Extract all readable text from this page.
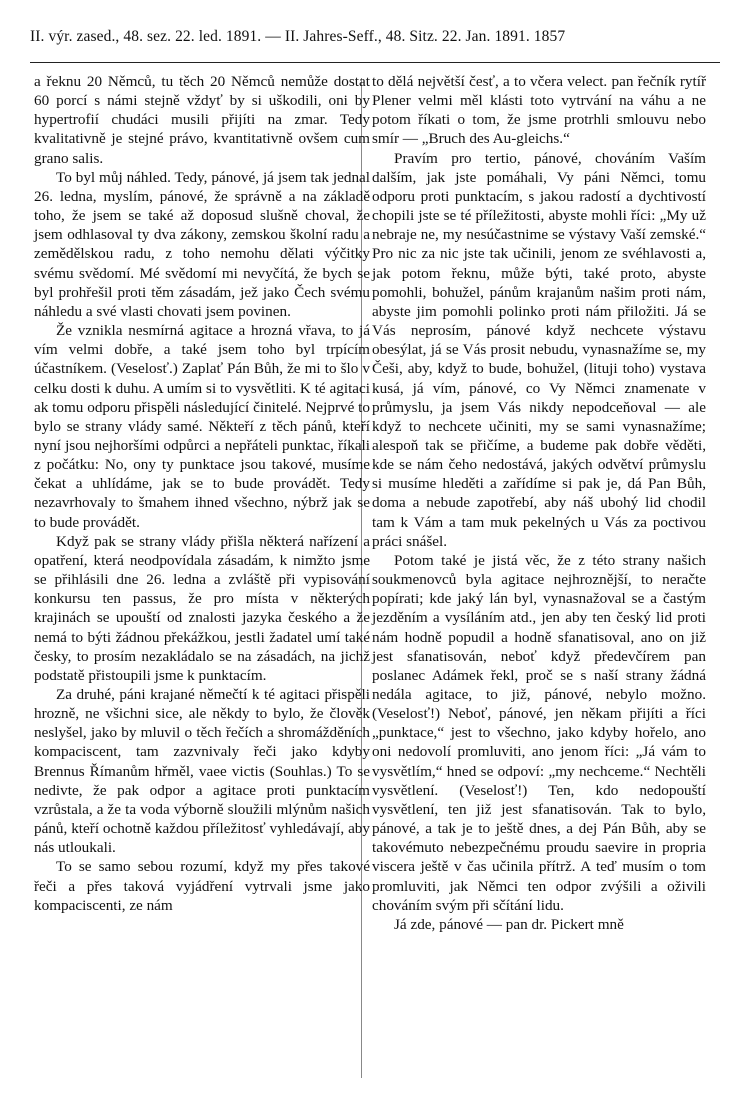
II. výr. zased., 48. sez. 22. led. 1891. — II. Jahres-Seff., 48. Sitz. 22. Jan. 1891. 1857

a řeknu 20 Němců, tu těch 20 Němců nemůže dostat 60 porcí s námi stejně vždyť by si uškodili, oni by hypertrofií chudáci musili přijíti na zmar. Tedy kvalitativně je stejné právo, kvantitativně ovšem cum grano salis.

To byl můj náhled. Tedy, pánové, já jsem tak jednal 26. ledna, myslím, pánové, že správně a na základě toho, že jsem se také až doposud slušně choval, že jsem odhlasoval ty dva zákony, zemskou školní radu a zemědělskou radu, z toho nemohu dělati výčitky svému svědomí. Mé svědomí mi nevyčítá, že bych se byl prohřešil proti těm zásadám, jež jako Čech svému náhledu a své vlasti chovati jsem povinen.

Že vznikla nesmírná agitace a hrozná vřava, to já vím velmi dobře, a také jsem toho byl trpícím účastníkem. (Veselosť.) Zaplať Pán Bůh, že mi to šlo v celku dosti k duhu. A umím si to vysvětliti. K té agitaci ak tomu odporu přispěli následující činitelé. Nejprvé to bylo se strany vlády samé. Někteří z těch pánů, kteří nyní jsou nejhoršími odpůrci a nepřáteli punktac, říkali z počátku: No, ony ty punktace jsou takové, musíme čekat a uhlídáme, jak se to bude provádět. Tedy nezavrhovaly to šmahem ihned všechno, nýbrž jak se to bude provádět.

Když pak se strany vlády přišla některá nařízení a opatření, která neodpovídala zásadám, k nimžto jsme se přihlásili dne 26. ledna a zvláště při vypisování konkursu ten passus, že pro místa v některých krajinách se upouští od znalosti jazyka českého a že nemá to býti žádnou překážkou, jestli žadatel umí také česky, to prosím nezakládalo se na zásadách, na jichž podstatě přistoupili jsme k punktacím.

Za druhé, páni krajané němečtí k té agitaci přispěli hrozně, ne všichni sice, ale někdy to bylo, že člověk neslyšel, jako by mluvil o těch řečích a shromážděních kompaciscent, tam zazvnivaly řeči jako kdyby Brennus Římanům hřměl, vaee victis (Souhlas.) To se nedivte, že pak odpor a agitace proti punktacím vzrůstala, a že ta voda výborně sloužili mlýnům našich pánů, kteří ochotně každou příležitosť vyhledávají, aby nás utloukali.

To se samo sebou rozumí, když my přes takové řeči a přes taková vyjádření vytrvali jsme jako kompaciscenti, ze nám

to dělá největší česť, a to včera velect. pan řečník rytíř Plener velmi měl klásti toto vytrvání na váhu a ne potom říkati o tom, že jsme protrhli smlouvu nebo smír — „Bruch des Au-gleichs.“

Pravím pro tertio, pánové, chováním Vaším dalším, jak jste pomáhali, Vy páni Němci, tomu odporu proti punktacím, s jakou radostí a dychtivostí chopili jste se té příležitosti, abyste mohli říci: „My už nebraje ne, my nesúčastnime se výstavy Vaší zemské.“ Pro nic za nic jste tak učinili, jenom ze svéhlavosti a, jak potom řeknu, může býti, také proto, abyste pomohli, bohužel, pánům krajanům našim proti nám, abyste jim pomohli polinko proti nám přiložiti. Já se Vás neprosím, pánové když nechcete výstavu obesýlat, já se Vás prosit nebudu, vynasnažíme se, my Češi, aby, když to bude, bohužel, (lituji toho) vystava kusá, já vím, pánové, co Vy Němci znamenate v průmyslu, ja jsem Vás nikdy nepodceňoval — ale když to nechcete učiniti, my se sami vynasnažíme; alespoň tak se přičíme, a budeme pak dobře věděti, kde se nám čeho nedostává, jakých odvětví průmyslu si musíme hleděti a zařídíme si pak je, dá Pan Bůh, doma a nebude zapotřebí, aby náš ubohý lid chodil tam k Vám a tam muk pekelných u Vás za poctivou práci snášel.

Potom také je jistá věc, že z této strany našich soukmenovců byla agitace nejhroznější, to neračte popírati; kde jaký lán byl, vynasnažoval se a častým jezděním a vysíláním atd., jen aby ten český lid proti nám hodně popudil a hodně sfanatisoval, ano on již jest sfanatisován, neboť když předevčírem pan poslanec Adámek řekl, proč se s naší strany žádná nedála agitace, to již, pánové, nebylo možno. (Veselosť!) Neboť, pánové, jen někam přijíti a říci „punktace,“ jest to všechno, jako kdyby hořelo, ano oni nedovolí promluviti, ano jenom říci: „Já vám to vysvětlím,“ hned se odpoví: „my nechceme.“ Nechtěli vysvětlení. (Veselosť!) Ten, kdo nedopouští vysvětlení, ten již jest sfanatisován. Tak to bylo, pánové, a tak je to ještě dnes, a dej Pán Bůh, aby se takovémuto nebezpečnému proudu saevire in propria viscera ještě v čas učinila přítrž. A teď musím o tom promluviti, jak Němci ten odpor zvýšili a oživili chováním svým při sčítání lidu.

Já zde, pánové — pan dr. Pickert mně
